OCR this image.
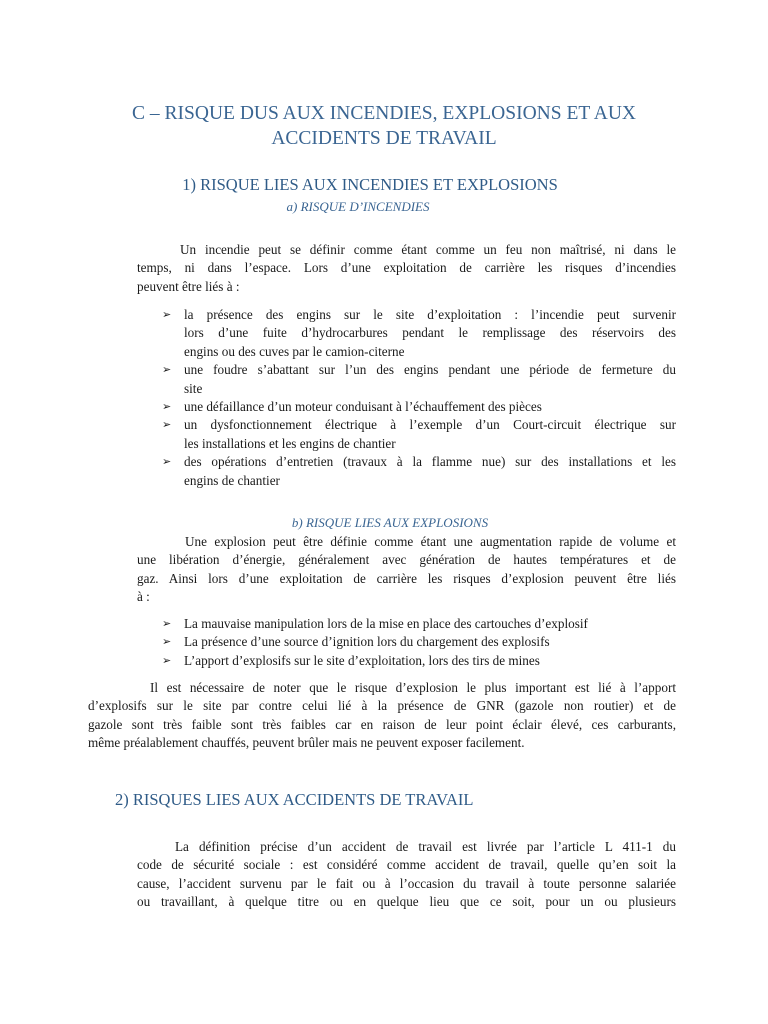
C – RISQUE DUS AUX INCENDIES, EXPLOSIONS ET AUX
ACCIDENTS DE TRAVAIL
1) RISQUE LIES AUX INCENDIES ET EXPLOSIONS
a) RISQUE D’INCENDIES
b) RISQUE LIES AUX EXPLOSIONS
2) RISQUES LIES AUX ACCIDENTS DE TRAVAIL
Un incendie peut se définir comme étant comme un feu non maîtrisé, ni dans le
temps, ni dans l’espace. Lors d’une exploitation de carrière les risques d’incendies
peuvent être liés à :
la présence des engins sur le site d’exploitation : l’incendie peut survenir
lors d’une fuite d’hydrocarbures pendant le remplissage des réservoirs des
engins ou des cuves par le camion-citerne
➢
une foudre s’abattant sur l’un des engins pendant une période de fermeture du
site
➢
une défaillance d’un moteur conduisant à l’échauffement des pièces
➢
un dysfonctionnement électrique à l’exemple d’un Court-circuit électrique sur
les installations et les engins de chantier
➢
des opérations d’entretien (travaux à la flamme nue) sur des installations et les
engins de chantier
➢
Une explosion peut être définie comme étant une augmentation rapide de volume et
une libération d’énergie, généralement avec génération de hautes températures et de
gaz. Ainsi lors d’une exploitation de carrière les risques d’explosion peuvent être liés
à :
La mauvaise manipulation lors de la mise en place des cartouches d’explosif
➢
La présence d’une source d’ignition lors du chargement des explosifs
➢
L’apport d’explosifs sur le site d’exploitation, lors des tirs de mines
➢
Il est nécessaire de noter que le risque d’explosion le plus important est lié à l’apport
d’explosifs sur le site par contre celui lié à la présence de GNR (gazole non routier) et de
gazole sont très faible sont très faibles car en raison de leur point éclair élevé, ces carburants,
même préalablement chauffés, peuvent brûler mais ne peuvent exposer facilement.
La définition précise d’un accident de travail est livrée par l’article L 411-1 du
code de sécurité sociale : est considéré comme accident de travail, quelle qu’en soit la
cause, l’accident survenu par le fait ou à l’occasion du travail à toute personne salariée
ou travaillant, à quelque titre ou en quelque lieu que ce soit, pour un ou plusieurs
